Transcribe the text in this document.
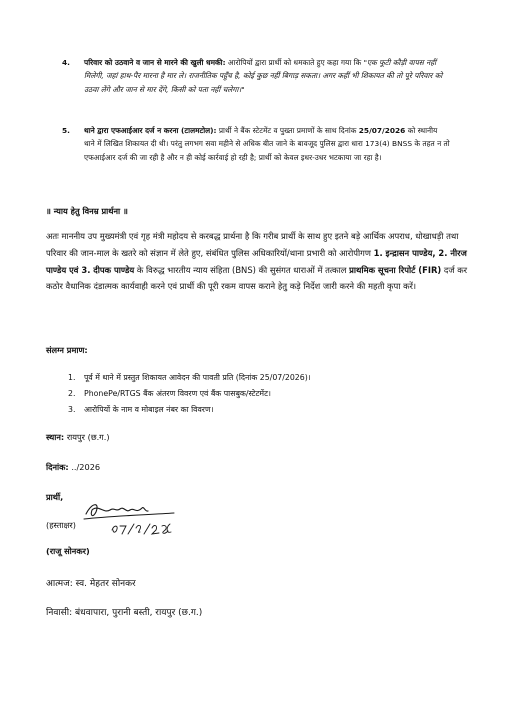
4. परिवार को उठवाने व जान से मारने की खुली धमकी: आरोपियों द्वारा प्रार्थी को धमकाते हुए कहा गया कि "एक फूटी कौड़ी वापस नहीं मिलेगी, जहां हाथ-पैर मारना है मार ले। राजनीतिक पहुँच है, कोई कुछ नहीं बिगाड़ सकता। अगर कहीं भी शिकायत की तो पूरे परिवार को उठवा लेंगे और जान से मार देंगे, किसी को पता नहीं चलेगा।"
5. थाने द्वारा एफआईआर दर्ज न करना (टालमटोल): प्रार्थी ने बैंक स्टेटमेंट व पुख्ता प्रमाणों के साथ दिनांक 25/07/2026 को स्थानीय थाने में लिखित शिकायत दी थी। परंतु लगभग सवा महीने से अधिक बीत जाने के बावजूद पुलिस द्वारा धारा 173(4) BNSS के तहत न तो एफआईआर दर्ज की जा रही है और न ही कोई कार्रवाई हो रही है; प्रार्थी को केवल इधर-उधर भटकाया जा रहा है।
॥ न्याय हेतु विनम्र प्रार्थना ॥
अतः माननीय उप मुख्यमंत्री एवं गृह मंत्री महोदय से करबद्ध प्रार्थना है कि गरीब प्रार्थी के साथ हुए इतने बड़े आर्थिक अपराध, धोखाधड़ी तथा परिवार की जान-माल के खतरे को संज्ञान में लेते हुए, संबंधित पुलिस अधिकारियों/थाना प्रभारी को आरोपीगण 1. इन्द्रासन पाण्डेय, 2. नीरज पाण्डेय एवं 3. दीपक पाण्डेय के विरुद्ध भारतीय न्याय संहिता (BNS) की सुसंगत धाराओं में तत्काल प्राथमिक सूचना रिपोर्ट (FIR) दर्ज कर कठोर वैधानिक दंडात्मक कार्यवाही करने एवं प्रार्थी की पूरी रकम वापस कराने हेतु कड़े निर्देश जारी करने की महती कृपा करें।
संलग्न प्रमाण:
1. पूर्व में थाने में प्रस्तुत शिकायत आवेदन की पावती प्रति (दिनांक 25/07/2026)।
2. PhonePe/RTGS बैंक अंतरण विवरण एवं बैंक पासबुक/स्टेटमेंट।
3. आरोपियों के नाम व मोबाइल नंबर का विवरण।
स्थान: रायपुर (छ.ग.)
दिनांक: ../2026
प्रार्थी,
(हस्ताक्षर)
(राजू सोनकर)
आत्मज: स्व. मेहतर सोनकर
निवासी: बंधवापारा, पुरानी बस्ती, रायपुर (छ.ग.)
